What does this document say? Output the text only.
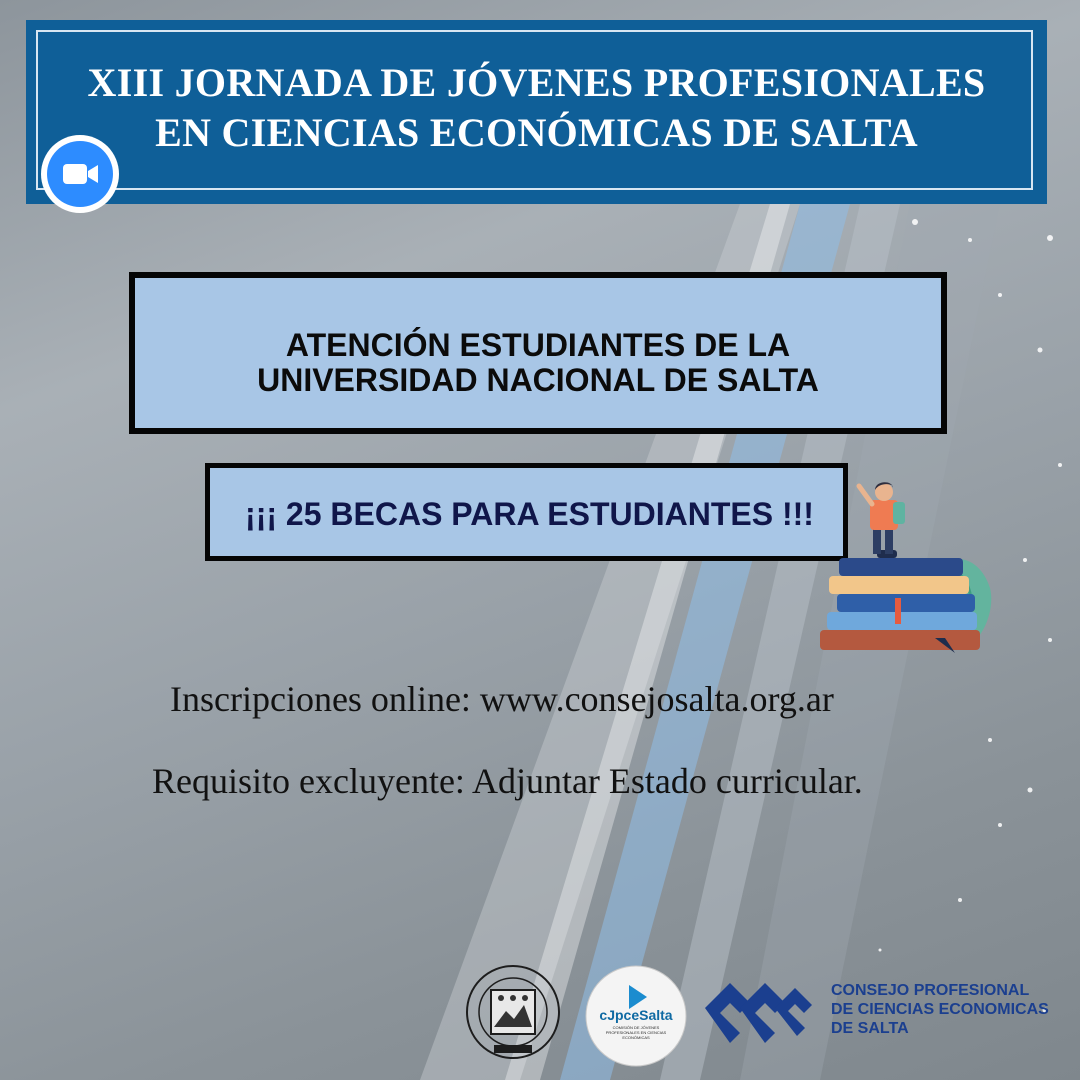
XIII JORNADA DE JÓVENES PROFESIONALES
EN CIENCIAS ECONÓMICAS DE SALTA
ATENCIÓN ESTUDIANTES DE LA
UNIVERSIDAD NACIONAL DE SALTA
¡¡¡ 25 BECAS PARA ESTUDIANTES !!!
Inscripciones online: www.consejosalta.org.ar
Requisito excluyente: Adjuntar Estado curricular.
cJpceSalta
COMISIÓN DE JÓVENES PROFESIONALES EN CIENCIAS ECONÓMICAS
CONSEJO PROFESIONAL
DE CIENCIAS ECONOMICAS
DE SALTA
